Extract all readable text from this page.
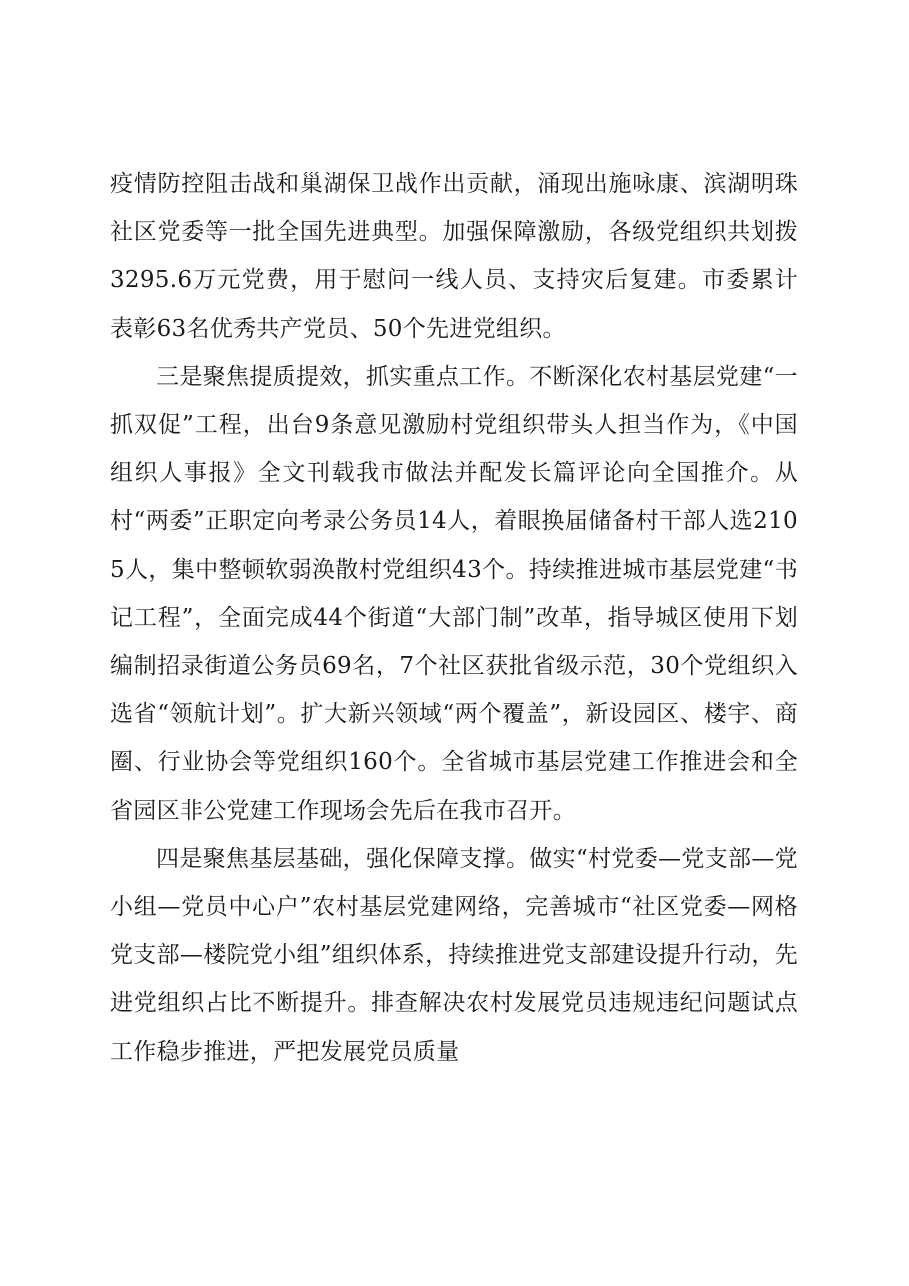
疫情防控阻击战和巢湖保卫战作出贡献，涌现出施咏康、滨湖明珠社区党委等一批全国先进典型。加强保障激励，各级党组织共划拨3295.6万元党费，用于慰问一线人员、支持灾后复建。市委累计表彰63名优秀共产党员、50个先进党组织。

三是聚焦提质提效，抓实重点工作。不断深化农村基层党建“一抓双促”工程，出台9条意见激励村党组织带头人担当作为，《中国组织人事报》全文刊载我市做法并配发长篇评论向全国推介。从村“两委”正职定向考录公务员14人，着眼换届储备村干部人选2105人，集中整顿软弱涣散村党组织43个。持续推进城市基层党建“书记工程”，全面完成44个街道“大部门制”改革，指导城区使用下划编制招录街道公务员69名，7个社区获批省级示范，30个党组织入选省“领航计划”。扩大新兴领域“两个覆盖”，新设园区、楼宇、商圈、行业协会等党组织160个。全省城市基层党建工作推进会和全省园区非公党建工作现场会先后在我市召开。

四是聚焦基层基础，强化保障支撑。做实“村党委—党支部—党小组—党员中心户”农村基层党建网络，完善城市“社区党委—网格党支部—楼院党小组”组织体系，持续推进党支部建设提升行动，先进党组织占比不断提升。排查解决农村发展党员违规违纪问题试点工作稳步推进，严把发展党员质量
